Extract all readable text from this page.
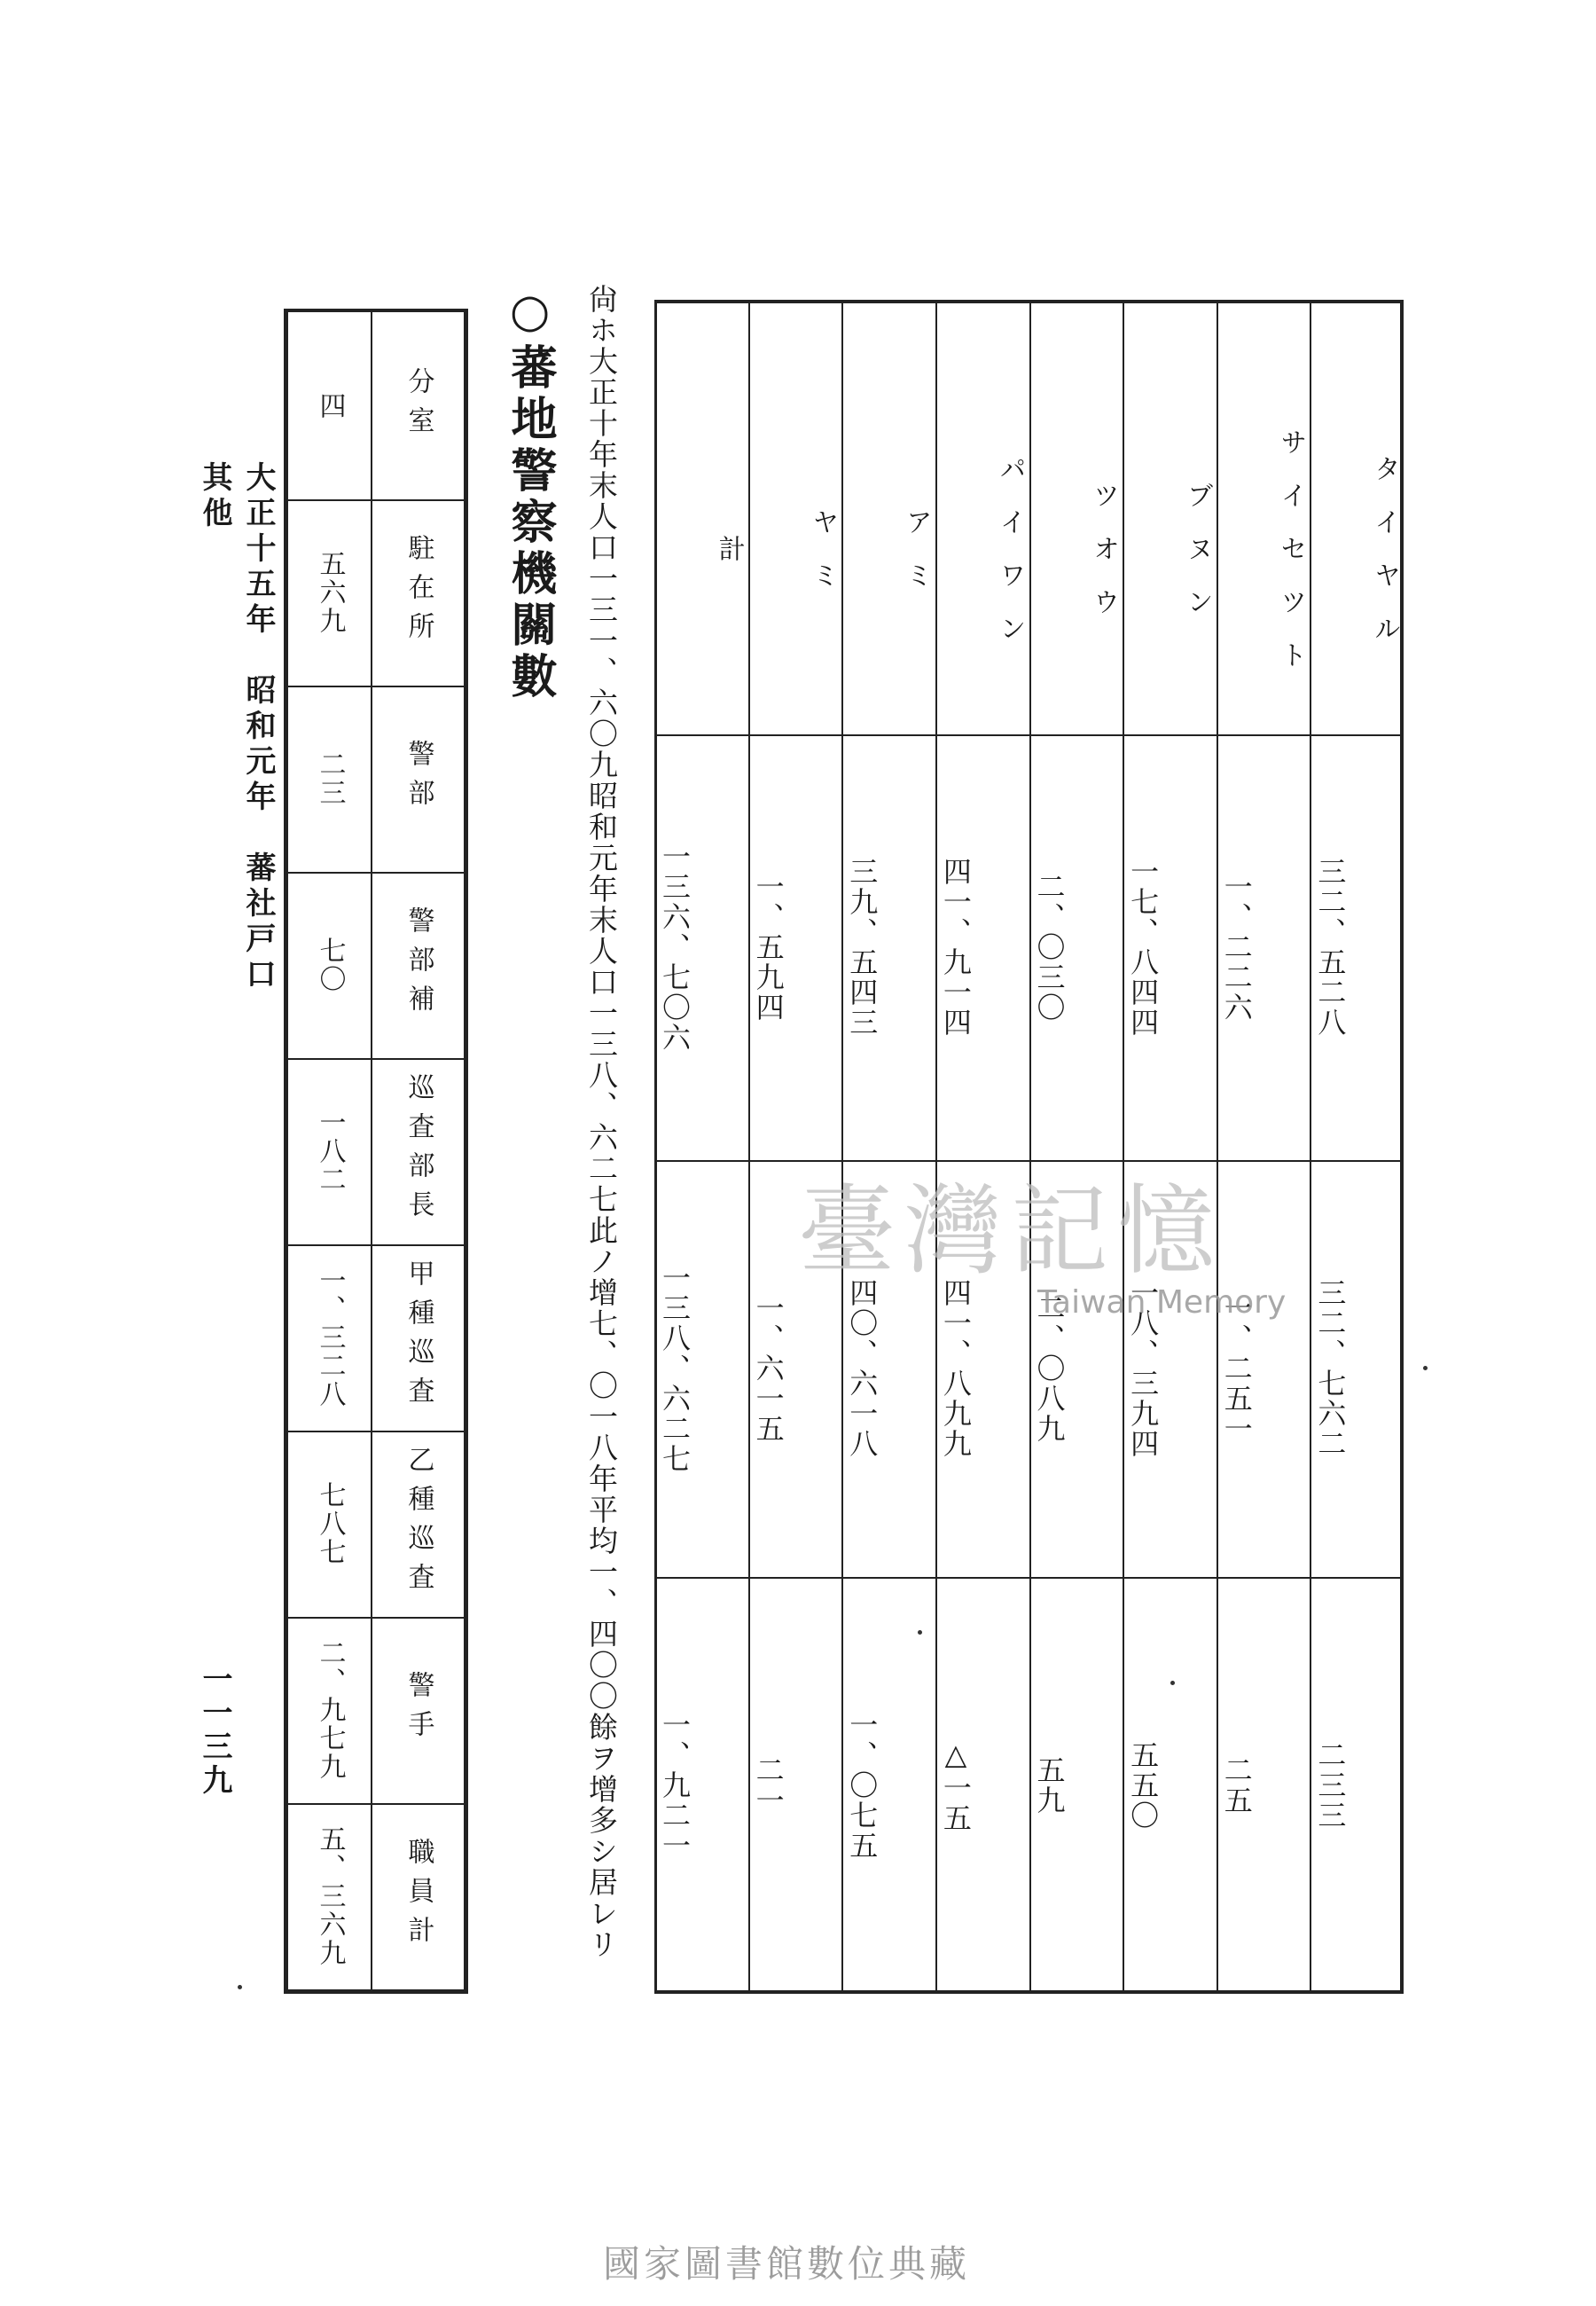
大正十五年　昭和元年　蕃社戸口　其他
一一三九
分室
四
駐在所
五六九
警部
二三
警部補
七〇
巡査部長
一八二
甲種巡査
一、三二八
乙種巡査
七八七
警手
二、九七九
職員計
五、三六九
○蕃地警察機關數 尙ホ大正十年末人口一三一、六〇九昭和元年末人口一三八、六二七此ノ增七、〇一八年平均一、四〇〇餘ヲ增多シ居レリ	タイヤル
三二、五二八
三二、七六二
二三三
サイセツト
一、二二六
一、二五一
二五
ブヌン
一七、八四四
一八、三九四
五五〇
ツオウ
二、〇三〇
二、〇八九
五九
パイワン
四一、九一四
四一、八九九
△一五
アミ
三九、五四三
四〇、六一八
一、〇七五
ヤミ
一、五九四
一、六一五
二一
計
一三六、七〇六
一三八、六二七
一、九二一
臺灣記憶
Taiwan Memory
國家圖書館數位典藏
